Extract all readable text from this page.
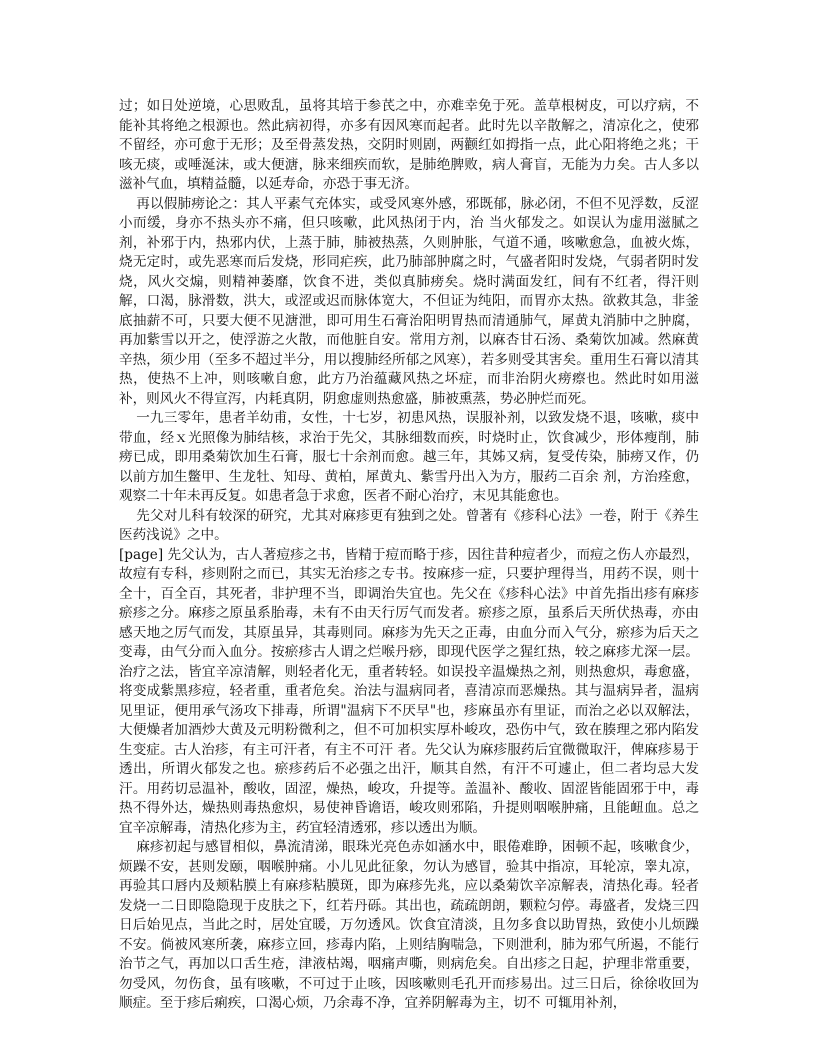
过；如日处逆境，心思败乱，虽将其培于参芪之中，亦难幸免于死。盖草根树皮，可以疗病，不能补其将绝之根源也。然此病初得，亦多有因风寒而起者。此时先以辛散解之，清凉化之，使邪不留经，亦可愈于无形；及至骨蒸发热，交阴时则剧，两颧红如拇指一点，此心阳将绝之兆；干咳无痰，或唾涎沫，或大便溏，脉来细疾而软，是肺绝脾败，病人膏盲，无能为力矣。古人多以滋补气血，填精益髓，以延寿命，亦恐于事无济。

再以假肺痨论之：其人平素气充体实，或受风寒外感，邪既郁，脉必闭，不但不见浮数，反涩小而缓，身亦不热头亦不痛，但只咳嗽，此风热闭于内，治 当火郁发之。如误认为虚用滋腻之剂，补邪于内，热邪内伏，上蒸于肺，肺被热蒸，久则肿胀，气道不通，咳嗽愈急，血被火炼，烧无定时，或先恶寒而后发烧，形同疟疾，此乃肺部肿腐之时，气盛者阳时发烧，气弱者阴时发烧，风火交煽，则精神萎靡，饮食不进，类似真肺痨矣。烧时满面发红，间有不红者，得汗则解，口渴，脉滑数，洪大，或涩或迟而脉体宽大，不但证为纯阳，而胃亦太热。欲救其急，非釜底抽薪不可，只要大便不见溏泄，即可用生石膏治阳明胃热而清通肺气，犀黄丸消肺中之肿腐，再加紫雪以开之，使浮游之火散，而他脏自安。常用方剂，以麻杏甘石汤、桑菊饮加减。然麻黄辛热，须少用（至多不超过半分，用以搜肺经所郁之风寒），若多则受其害矣。重用生石膏以清其热，使热不上冲，则咳嗽自愈，此方乃治蕴藏风热之坏症，而非治阴火痨瘵也。然此时如用滋补，则风火不得宣泻，内耗真阴，阴愈虚则热愈盛，肺被熏蒸，势必肿烂而死。

一九三零年，患者羊幼甫，女性，十七岁，初患风热，误服补剂，以致发烧不退，咳嗽，痰中带血，经ｘ光照像为肺结核，求治于先父，其脉细数而疾，时烧时止，饮食减少，形体瘦削，肺痨已成，即用桑菊饮加生石膏，服七十余剂而愈。越三年，其姊又病，复受传染，肺痨又作，仍以前方加生鳖甲、生龙牡、知母、黄柏，犀黄丸、紫雪丹出入为方，服药二百余 剂，方治痊愈，观察二十年未再反复。如患者急于求愈，医者不耐心治疗，末见其能愈也。

先父对儿科有较深的研究，尤其对麻疹更有独到之处。曾著有《疹科心法》一卷，附于《养生医药浅说》之中。

[page] 先父认为，古人著痘疹之书，皆精于痘而略于疹，因往昔种痘者少，而痘之伤人亦最烈，故痘有专科，疹则附之而已，其实无治疹之专书。按麻疹一症，只要护理得当，用药不误，则十全十，百全百，其死者，非护理不当，即调治失宜也。先父在《疹科心法》中首先指出疹有麻疹瘀疹之分。麻疹之原虽系胎毒，未有不由天行厉气而发者。瘀疹之原，虽系后天所伏热毒，亦由感天地之厉气而发，其原虽异，其毒则同。麻疹为先天之正毒，由血分而入气分，瘀疹为后天之变毒，由气分而入血分。按瘀疹古人谓之烂喉丹痧，即现代医学之猩红热，较之麻疹尤深一层。治疗之法，皆宜辛凉清解，则轻者化无，重者转轻。如误投辛温燥热之剂，则热愈炽，毒愈盛，将变成紫黑疹痘，轻者重，重者危矣。治法与温病同者，喜清凉而恶燥热。其与温病异者，温病见里证，便用承气汤攻下排毒，所谓"温病下不厌早"也，疹麻虽亦有里证，而治之必以双解法，大便燥者加酒炒大黄及元明粉微利之，但不可加枳实厚朴峻攻，恐伤中气，致在腠理之邪内陷发生变症。古人治疹，有主可汗者，有主不可汗 者。先父认为麻疹服药后宜微微取汗，俾麻疹易于透出，所谓火郁发之也。瘀疹药后不必强之出汗，顺其自然，有汗不可遽止，但二者均忌大发汗。用药切忌温补，酸收，固涩，燥热，峻攻，升提等。盖温补、酸收、固涩皆能固邪于中，毒热不得外达，燥热则毒热愈炽，易使神昏谵语，峻攻则邪陷，升提则咽喉肿痛，且能衄血。总之宜辛凉解毒，清热化疹为主，药宜轻清透邪，疹以透出为顺。

麻疹初起与感冒相似，鼻流清涕，眼珠光亮色赤如涵水中，眼倦难睁，困顿不起，咳嗽食少，烦躁不安，甚则发颐，咽喉肿痛。小儿见此征象，勿认为感冒，验其中指凉，耳轮凉，睾丸凉，再验其口唇内及颊粘膜上有麻疹粘膜斑，即为麻疹先兆，应以桑菊饮辛凉解表，清热化毒。轻者发烧一二日即隐隐现于皮肤之下，红若丹砾。其出也，疏疏朗朗，颗粒匀停。毒盛者，发烧三四日后始见点，当此之时，居处宜暖，万勿透风。饮食宜清淡，且勿多食以助胃热，致使小儿烦躁不安。倘被风寒所袭，麻疹立回，疹毒内陷，上则结胸喘急，下则泄利，肺为邪气所遏，不能行治节之气，再加以口舌生疮，津液枯竭，咽痛声嘶，则病危矣。自出疹之日起，护理非常重要，勿受风，勿伤食，虽有咳嗽，不可过于止咳，因咳嗽则毛孔开而疹易出。过三日后，徐徐收回为顺症。至于疹后痢疾，口渴心烦，乃余毒不净，宜养阴解毒为主，切不 可辄用补剂，
